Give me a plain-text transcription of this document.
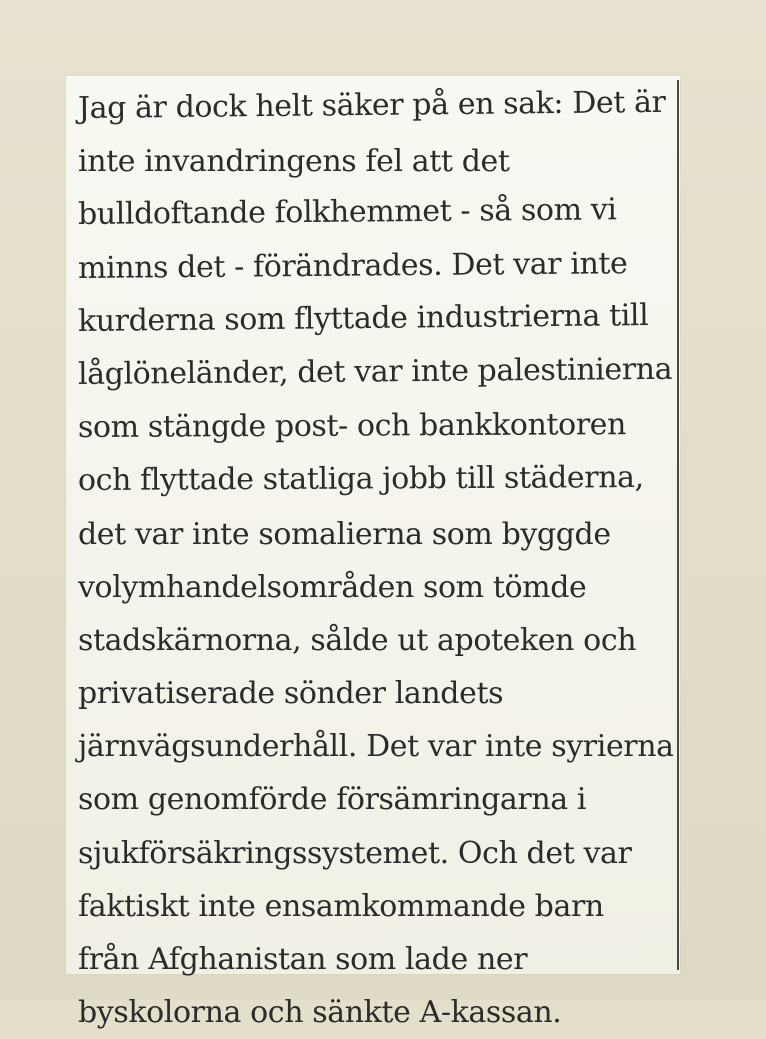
Jag är dock helt säker på en sak: Det är

inte invandringens fel att det

bulldoftande folkhemmet - så som vi

minns det - förändrades. Det var inte

kurderna som flyttade industrierna till

låglöneländer, det var inte palestinierna

som stängde post- och bankkontoren

och flyttade statliga jobb till städerna,

det var inte somalierna som byggde

volymhandelsområden som tömde

stadskärnorna, sålde ut apoteken och

privatiserade sönder landets

järnvägsunderhåll. Det var inte syrierna

som genomförde försämringarna i

sjukförsäkringssystemet. Och det var

faktiskt inte ensamkommande barn

från Afghanistan som lade ner

byskolorna och sänkte A-kassan.
